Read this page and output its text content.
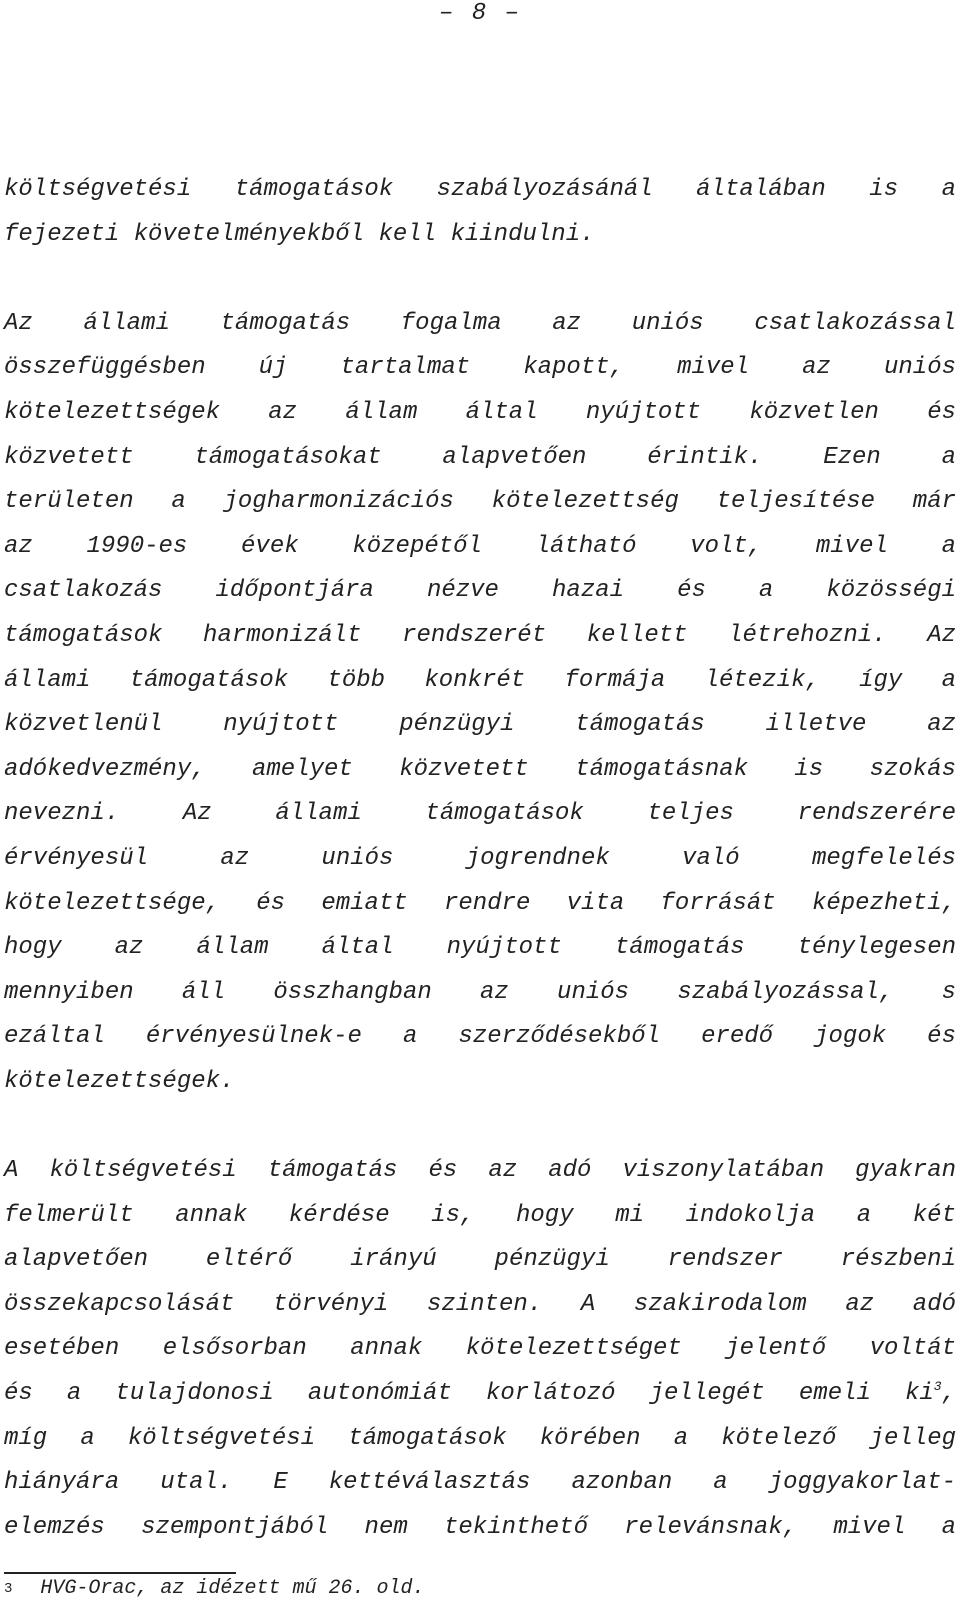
– 8 –

költségvetési támogatások szabályozásánál általában is a
fejezeti követelményekből kell kiindulni.

Az állami támogatás fogalma az uniós csatlakozással
összefüggésben új tartalmat kapott, mivel az uniós
kötelezettségek az állam által nyújtott közvetlen és
közvetett támogatásokat alapvetően érintik. Ezen a
területen a jogharmonizációs kötelezettség teljesítése már
az 1990-es évek közepétől látható volt, mivel a
csatlakozás időpontjára nézve hazai és a közösségi
támogatások harmonizált rendszerét kellett létrehozni. Az
állami támogatások több konkrét formája létezik, így a
közvetlenül nyújtott pénzügyi támogatás illetve az
adókedvezmény, amelyet közvetett támogatásnak is szokás
nevezni. Az állami támogatások teljes rendszerére
érvényesül az uniós jogrendnek való megfelelés
kötelezettsége, és emiatt rendre vita forrását képezheti,
hogy az állam által nyújtott támogatás ténylegesen
mennyiben áll összhangban az uniós szabályozással, s
ezáltal érvényesülnek-e a szerződésekből eredő jogok és
kötelezettségek.

A költségvetési támogatás és az adó viszonylatában gyakran
felmerült annak kérdése is, hogy mi indokolja a két
alapvetően eltérő irányú pénzügyi rendszer részbeni
összekapcsolását törvényi szinten. A szakirodalom az adó
esetében elsősorban annak kötelezettséget jelentő voltát
és a tulajdonosi autonómiát korlátozó jellegét emeli $ki^3$,
míg a költségvetési támogatások körében a kötelező jelleg
hiányára utal. E kettéválasztás azonban a joggyakorlat-
elemzés szempontjából nem tekinthető relevánsnak, mivel a

$^3$ HVG-Orac, az idézett mű 26. old.
